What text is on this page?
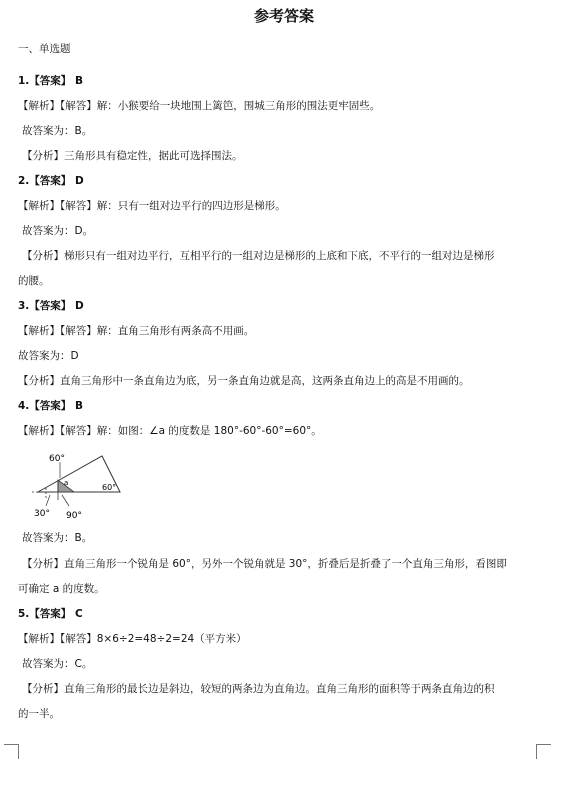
参考答案
一、单选题
1.【答案】 B
【解析】【解答】解：小猴要给一块地围上篱笆，围城三角形的围法更牢固些。
故答案为：B。
【分析】三角形具有稳定性，据此可选择围法。
2.【答案】 D
【解析】【解答】解：只有一组对边平行的四边形是梯形。
故答案为：D。
【分析】梯形只有一组对边平行，互相平行的一组对边是梯形的上底和下底，不平行的一组对边是梯形
的腰。
3.【答案】 D
【解析】【解答】解：直角三角形有两条高不用画。
故答案为：D
【分析】直角三角形中一条直角边为底，另一条直角边就是高，这两条直角边上的高是不用画的。
4.【答案】 B
【解析】【解答】解：如图：∠a 的度数是 180°-60°-60°=60°。
60°
a	60°
30° 90°
故答案为：B。
【分析】直角三角形一个锐角是 60°，另外一个锐角就是 30°，折叠后是折叠了一个直角三角形，看图即
可确定 a 的度数。
5.【答案】 C
【解析】【解答】8×6÷2=48÷2=24（平方米）
故答案为：C。
【分析】直角三角形的最长边是斜边，较短的两条边为直角边。直角三角形的面积等于两条直角边的积
的一半。
